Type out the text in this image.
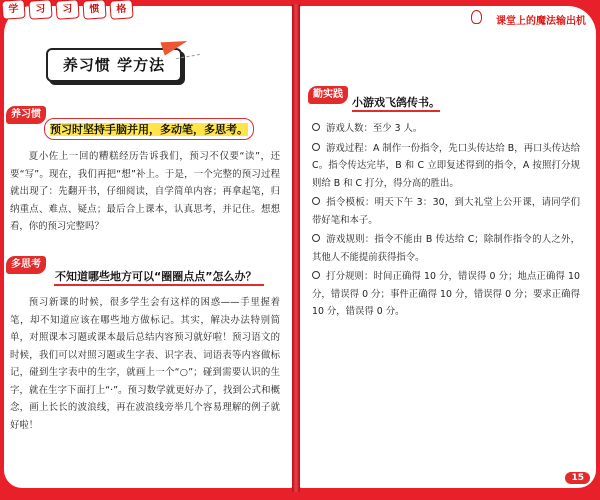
学	习	习	惯	格
课堂上的魔法输出机
养习惯 学方法
养习惯
预习时坚持手脑并用，多动笔，多思考。

夏小佐上一回的糟糕经历告诉我们，预习不仅要“读”，还要“写”。现在，我们再把“想”补上。于是，一个完整的预习过程就出现了：先翻开书，仔细阅读，自学简单内容；再拿起笔，归纳重点、难点、疑点；最后合上课本，认真思考，并记住。想想看，你的预习完整吗？

多思考
不知道哪些地方可以“圈圈点点”怎么办？

预习新课的时候，很多学生会有这样的困惑——手里握着笔，却不知道应该在哪些地方做标记。其实，解决办法特别简单，对照课本习题或课本最后总结内容预习就好啦！预习语文的时候，我们可以对照习题或生字表、识字表、词语表等内容做标记，碰到生字表中的生字，就画上一个“○”；碰到需要认识的生字，就在生字下面打上“·”。预习数学就更好办了，找到公式和概念，画上长长的波浪线，再在波浪线旁举几个容易理解的例子就好啦！

勤实践
小游戏飞鸽传书。
游戏人数：至少 3 人。
游戏过程：A 制作一份指令，先口头传达给 B，再口头传达给 C。指令传达完毕，B 和 C 立即复述得到的指令，A 按照打分规则给 B 和 C 打分，得分高的胜出。
指令模板：明天下午 3：30，到大礼堂上公开课，请同学们带好笔和本子。
游戏规则：指令不能由 B 传达给 C；除制作指令的人之外，其他人不能提前获得指令。
打分规则：时间正确得 10 分，错误得 0 分；地点正确得 10 分，错误得 0 分；事件正确得 10 分，错误得 0 分；要求正确得 10 分，错误得 0 分。
15
